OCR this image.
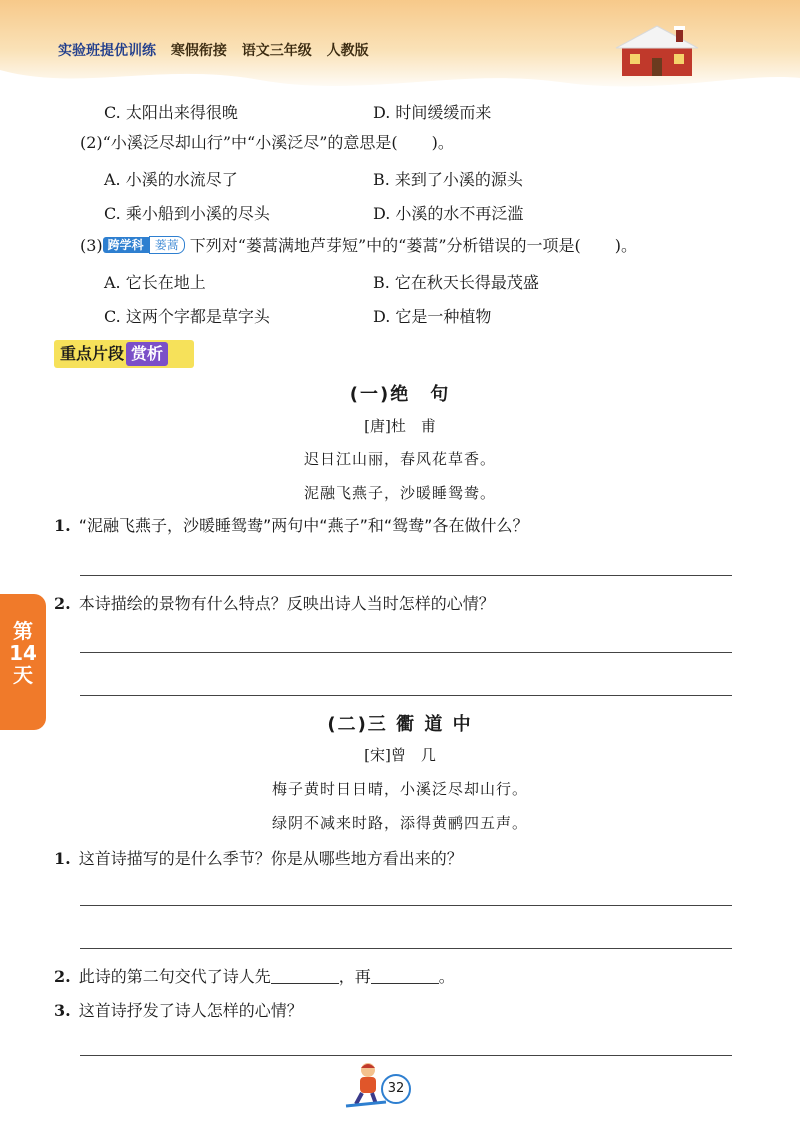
实验班提优训练 寒假衔接 语文三年级 人教版
C. 太阳出来得很晚	D. 时间缓缓而来
(2)“小溪泛尽却山行”中“小溪泛尽”的意思是( )。
A. 小溪的水流尽了	B. 来到了小溪的源头
C. 乘小船到小溪的尽头	D. 小溪的水不再泛滥
(3) 跨学科 蒌蒿 下列对“蒌蒿满地芦芽短”中的“蒌蒿”分析错误的一项是( )。
A. 它长在地上	B. 它在秋天长得最茂盛
C. 这两个字都是草字头	D. 它是一种植物
重点片段 赏析
(一)绝　句
[唐]杜　甫
迟日江山丽，春风花草香。
泥融飞燕子，沙暖睡鸳鸯。
1. “泥融飞燕子，沙暖睡鸳鸯”两句中“燕子”和“鸳鸯”各在做什么？
2. 本诗描绘的景物有什么特点？反映出诗人当时怎样的心情？
第
14
天
(二)三 衢 道 中
[宋]曾　几
梅子黄时日日晴，小溪泛尽却山行。
绿阴不减来时路，添得黄鹂四五声。
1. 这首诗描写的是什么季节？你是从哪些地方看出来的？
2. 此诗的第二句交代了诗人先	，再	。
3. 这首诗抒发了诗人怎样的心情？
32
